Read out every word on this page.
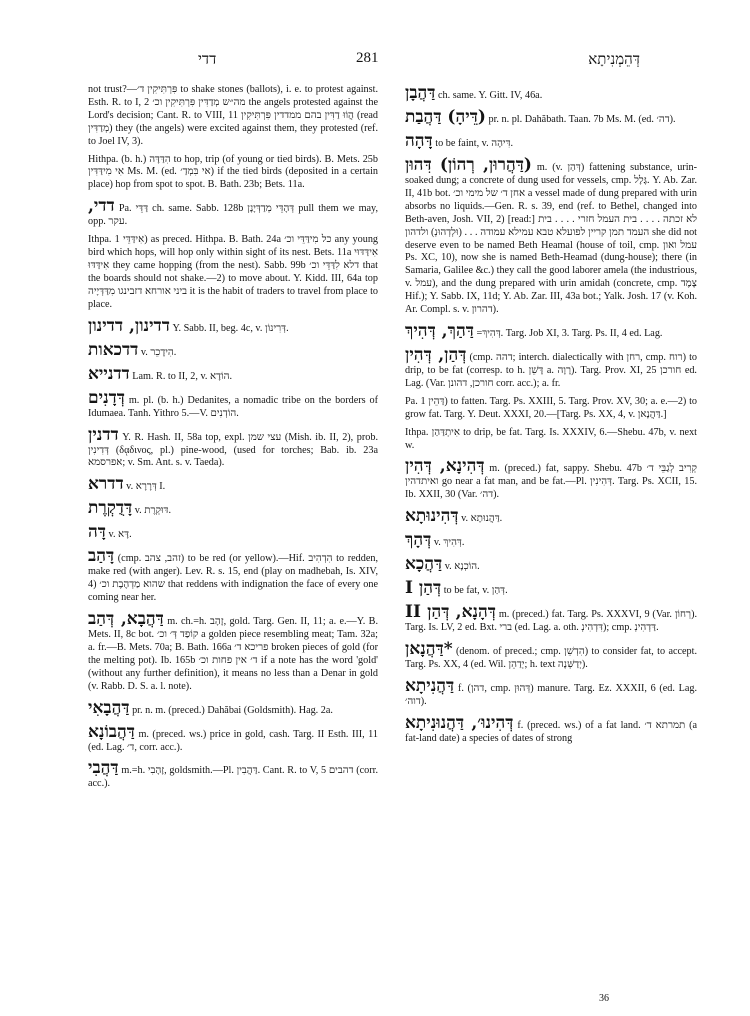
דדי	281	דְּהֵמְנִיתָא

not trust?—פִּרְתִּיקִין ד׳ to shake stones (ballots), i. e. to protest against. Esth. R. to I, 2 מה״ש מְדַדִּין פִּרְתִּיקִין וכ׳ the angels protested against the Lord's decision; Cant. R. to VIII, 11 הֲוֹוּ דַדִּין בהם ממדדין פִּרְתִּיקִין (read מְדַדִּין) they (the angels) were excited against them, they protested (ref. to Joel IV, 3).

Hithpa. (b. h.) הִדַּדָּה to hop, trip (of young or tied birds). B. Mets. 25b אִי מִידַּדִּין Ms. M. (ed. אי בִּמְדַ׳) if the tied birds (deposited in a certain place) hop from spot to spot. B. Bath. 23b; Bets. 11a.

דדי, Pa. דַּדֵּי ch. same. Sabb. 128b דְּהָדֵּי מְדַדְּיָנָן pull them we may, opp. עקר.

Ithpa. אִידַּדֵּי 1) as preced. Hithpa. B. Bath. 24a כל מִידַּדֵּי וכ׳ any young bird which hops, will hop only within sight of its nest. Bets. 11a אִידַּדּוּי אִידַּדּוּ they came hopping (from the nest). Sabb. 99b דלא לִדַּדֵּי וכ׳ that the boards should not shake.—2) to move about. Y. Kidd. III, 64a top ביני אורחא דזבינגו מִדַּדְּיָיה it is the habit of traders to travel from place to place.

דדינון, דדינון Y. Sabb. II, beg. 4c, v. דְּרִינוֹן.

דדכאות v. הִידָכֵר.

דדנייא Lam. R. to II, 2, v. הוֹדָא.

דְּדָנִים m. pl. (b. h.) Dedanites, a nomadic tribe on the borders of Idumaea. Tanh. Yithro 5.—V. הוֹדְנִים.

דדנין Y. R. Hash. II, 58a top, expl. עצי שמן (Mish. ib. II, 2), prob. דְּדִינִין (δᾳδινος, pl.) pine-wood, (used for torches; Bab. ib. 23a אפרסמא; v. Sm. Ant. s. v. Taeda).

דדרא v. דְּרָרָא I.

דָּדֻקְרֶת v. דּוּקְרֶת.

דָּה v. דָּא.

דָּהַב (cmp. זהב, צהב) to be red (or yellow).—Hif. הִדְהִיב to redden, make red (with anger). Lev. R. s. 15, end (play on madhebah, Is. XIV, 4) שהוא מַדְהֶבֶת וכ׳ that reddens with indignation the face of every one coming near her.

דַּהֲבָא, דְּהַב m. ch.=h. זָהָב, gold. Targ. Gen. II, 11; a. e.—Y. B. Mets. II, 8c bot. קוֹפַד דְּ׳ וכ׳ a golden piece resembling meat; Tam. 32a; a. fr.—B. Mets. 70a; B. Bath. 166a פריכא ד׳ broken pieces of gold (for the melting pot). Ib. 165b ד׳ אין פחות וכ׳ if a note has the word 'gold' (without any further definition), it means no less than a Denar in gold (v. Rabb. D. S. a. l. note).

דַּהֲבָאִי pr. n. m. (preced.) Dahăbai (Goldsmith). Hag. 2a.

דַּהֲבוֹנָא m. (preced. ws.) price in gold, cash. Targ. II Esth. III, 11 (ed. Lag. ד׳, corr. acc.).

דַּהֲבִי m.=h. זָהָבִי, goldsmith.—Pl. דַּהֲבִין. Cant. R. to V, 5 דהבים (corr. acc.).

דַּהֲבָן ch. same. Y. Gitt. IV, 46a.

(דֵּיהָ) דַּהֲבַת pr. n. pl. Dahăbath. Taan. 7b Ms. M. (ed. דה׳).

דָּהָה to be faint, v. דִּיהָה.

(דַּהֲרוּן, רְהוֹן) דִּהוּן m. (v. דְּהַן) fattening substance, urin-soaked dung; a concrete of dung used for vessels, cmp. גָּלָל. Y. Ab. Zar. II, 41b bot. אחן ד׳ של מימי וכ׳ a vessel made of dung prepared with urin absorbs no liquids.—Gen. R. s. 39, end (ref. to Bethel, changed into Beth-aven, Josh. VII, 2) [read:] לא זכתה . . . . בית העמל חזרי . . . . בית העמד תמן קריין לפועלא טבא עמילא עמודה . . . (וּלְדְהוּנְ) ולדהון she did not deserve even to be named Beth Heamal (house of toil, cmp. עמל ואון Ps. XC, 10), now she is named Beth-Heamad (dung-house); there (in Samaria, Galilee &c.) they call the good laborer amela (the industrious, v. עמל), and the dung prepared with urin amidah (concrete, cmp. צֶמֶד Hif.); Y. Sabb. IX, 11d; Y. Ab. Zar. III, 43a bot.; Yalk. Josh. 17 (v. Koh. Ar. Compl. s. v. דהרון).

דַּהַךְ, דְּהִיךְ =דְּהִיךְ. Targ. Job XI, 3. Targ. Ps. II, 4 ed. Lag.

דְּהַן, דְּהִין (cmp. דהה; interch. dialectically with רחן, cmp. רוח) to drip, to be fat (corresp. to h. דָּשֵׁן a. רָוָה). Targ. Prov. XI, 25 חורכן ed. Lag. (Var. חורכן, דהונן corr. acc.); a. fr.

Pa. דַּהֵין 1) to fatten. Targ. Ps. XXIII, 5. Targ. Prov. XV, 30; a. e.—2) to grow fat. Targ. Y. Deut. XXXI, 20.—[Targ. Ps. XX, 4, v. דַּהֲנָאן.]

Ithpa. אִיתְדַּהַן to drip, be fat. Targ. Is. XXXIV, 6.—Shebu. 47b, v. next w.

דְּהִינָא, דְּהִין m. (preced.) fat, sappy. Shebu. 47b קְרִיב לְגַבֵּי ד׳ ואיתדהין go near a fat man, and be fat.—Pl. דְּהִינִין. Targ. Ps. XCII, 15. Ib. XXII, 30 (Var. דה׳).

דְּהִינוּתָא v. דַּהֲנוּתָא.

דְּהָךְ v. דְּהִיךְ.

דַּהֲכָא v. הוֹכְנָא.

דְּהַן I to be fat, v. דְּהַן.

דְּהָנָא, דְּהַן II m. (preced.) fat. Targ. Ps. XXXVI, 9 (Var. רְחוֹן). Targ. Is. LV, 2 ed. Bxt. ברי (ed. Lag. a. oth. דִּדְהִינְ); cmp. דַּדְהִינְ.

*דַּהֲנָאן (denom. of preced.; cmp. הִדְשֵׁן) to consider fat, to accept. Targ. Ps. XX, 4 (ed. Wil. יְדַהֵן; h. text יְדַשְּׁנֶה).

דַּהֲנִיתָא f. (דהן, cmp. דְּהוּן) manure. Targ. Ez. XXXII, 6 (ed. Lag. דוה׳).

דְּהִינוּ׳, דַּהֲנוּנִיתָא f. (preced. ws.) of a fat land. תמרתא ד׳ (a fat-land date) a species of dates of strong

36
